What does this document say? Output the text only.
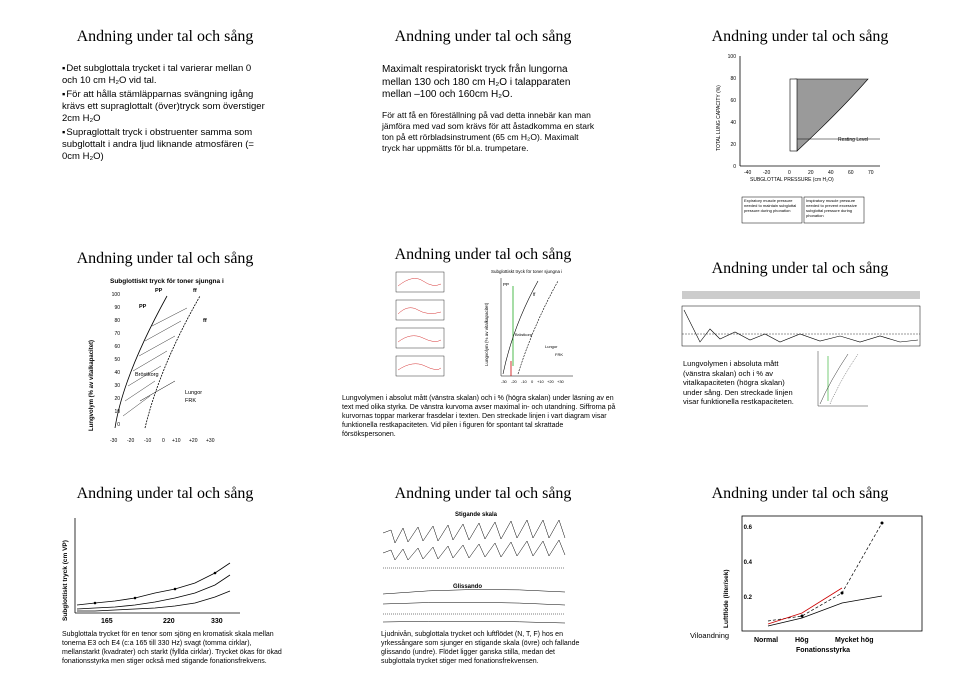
Andning under tal och sång

▪ Det subglottala trycket i tal varierar mellan 0 och 10 cm H₂O vid tal.

▪ För att hålla stämläpparnas svängning igång krävs ett supraglottalt (över)tryck som överstiger 2cm H₂O

▪ Supraglottalt tryck i obstruenter samma som subglottalt i andra ljud liknande atmosfären (= 0cm H₂O)

Andning under tal och sång

Maximalt respiratoriskt tryck från lungorna mellan 130 och 180 cm H₂O i talapparaten mellan –100 och 160cm H₂O.

För att få en föreställning på vad detta innebär kan man jämföra med vad som krävs för att åstadkomma en stark ton på ett rörbladsinstrument (65 cm H₂O). Maximalt tryck har uppmätts för bl.a. trumpetare.

Andning under tal och sång
100
80
60
40
20
0
-40 -20	0	20	40	60	70
SUBGLOTTAL PRESSURE (cm H₂O)
Resting Level
TOTAL LUNG CAPACITY (%)
Expiratory muscle pressure needed to maintain subglottal pressure during phonation
Inspiratory muscle pressure needed to prevent excessive subglottal pressure during phonation
Andning under tal och sång
Subglottiskt tryck för toner sjungna i
PP	ff
PP
ff
Lungvolym (% av vitalkapacitet)
100
90
80
70
60
50
40
30
20
10
0
-30 -20 -10 0 +10 +20 +30
Bröstkorg
Lungor
FRK
Andning under tal och sång
Subglottiskt tryck för toner sjungna i
PP
ff
Lungvolym (% av vitalkapacitet)	Bröstkorg
Lungor
FRK
-30 -20 -10 0 +10 +20 +30
Lungvolymen i absolut mått (vänstra skalan) och i % (högra skalan) under läsning av en text med olika styrka. De vänstra kurvorna avser maximal in- och utandning. Siffrorna på kurvornas toppar markerar frasdelar i texten. Den streckade linjen i vart diagram visar funktionella restkapaciteten. Vid pilen i figuren för spontant tal skrattade försökspersonen.
Andning under tal och sång
Lungvolymen i absoluta mått (vänstra skalan) och i % av vitalkapaciteten (högra skalan) under sång. Den streckade linjen visar funktionella restkapaciteten.
Andning under tal och sång
Subglottiskt tryck (cm VP)
165	220	330
Subglottala trycket för en tenor som sjöng en kromatisk skala mellan tonerna E3 och E4 (c:a 165 till 330 Hz) svagt (tomma cirklar), mellanstarkt (kvadrater) och starkt (fyllda cirklar). Trycket ökas för ökad fonationsstyrka men stiger också med stigande fonationsfrekvens.
Andning under tal och sång
Stigande skala
Glissando
Ljudnivån, subglottala trycket och luftflödet (N, T, F) hos en yrkessångare som sjunger en stigande skala (övre) och fallande glissando (undre). Flödet ligger ganska stilla, medan det subglottala trycket stiger med fonationsfrekvensen.
Andning under tal och sång
Luftflöde (liter/sek)
0.6
0.4
0.2
Normal Hög	Mycket hög
Fonationsstyrka
Viloandning
